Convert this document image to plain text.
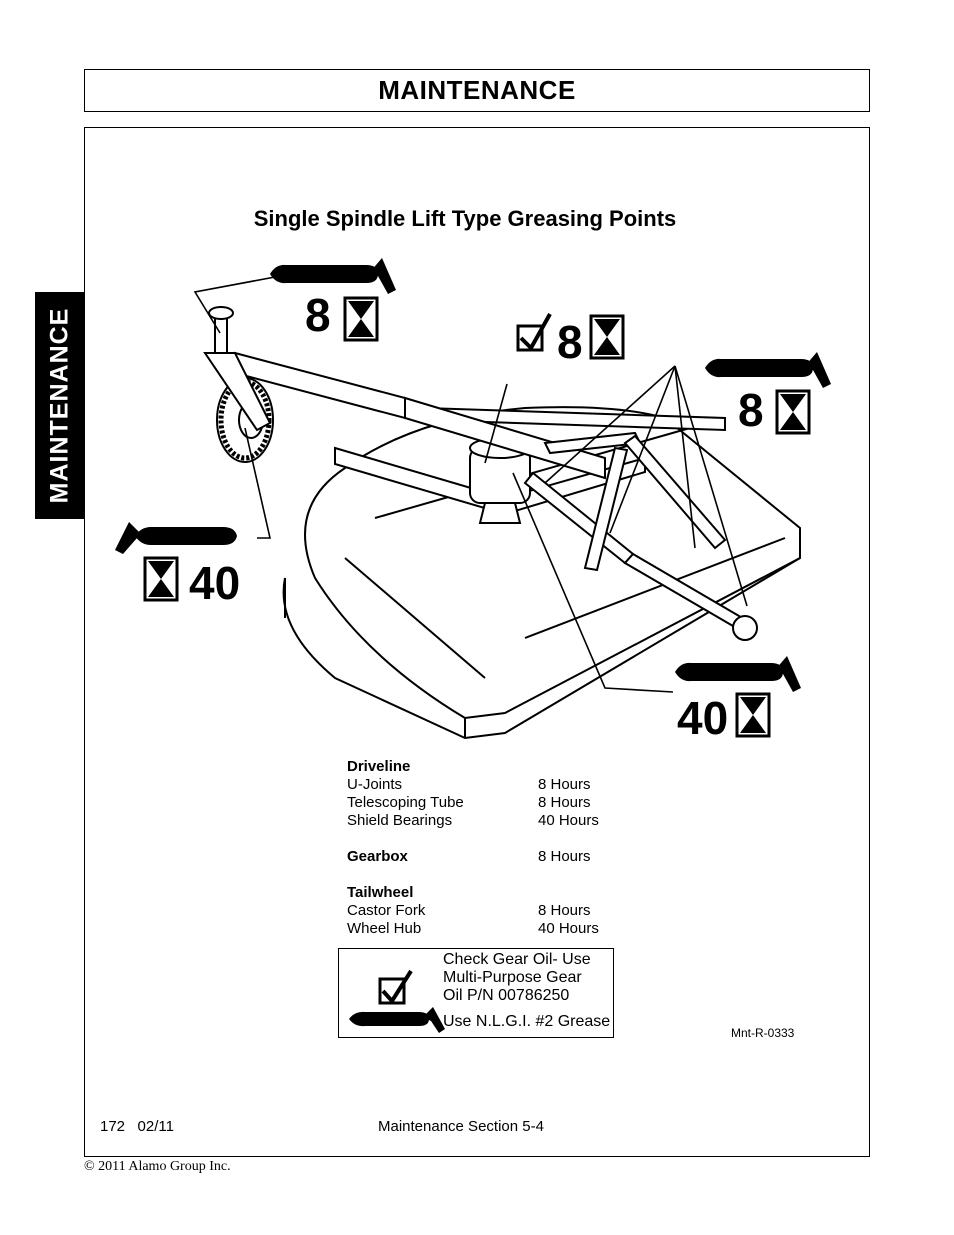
MAINTENANCE
MAINTENANCE
Single Spindle Lift Type Greasing Points
8
8
8
40
40
Driveline
U-Joints	8 Hours
Telescoping Tube	8 Hours
Shield Bearings	40 Hours
Gearbox	8 Hours
Tailwheel
Castor Fork	8 Hours
Wheel Hub	40 Hours
Check Gear Oil- Use
Multi-Purpose Gear
Oil P/N 00786250
Use N.L.G.I. #2 Grease
Mnt-R-0333
172 02/11	Maintenance Section 5-4
© 2011 Alamo Group Inc.
